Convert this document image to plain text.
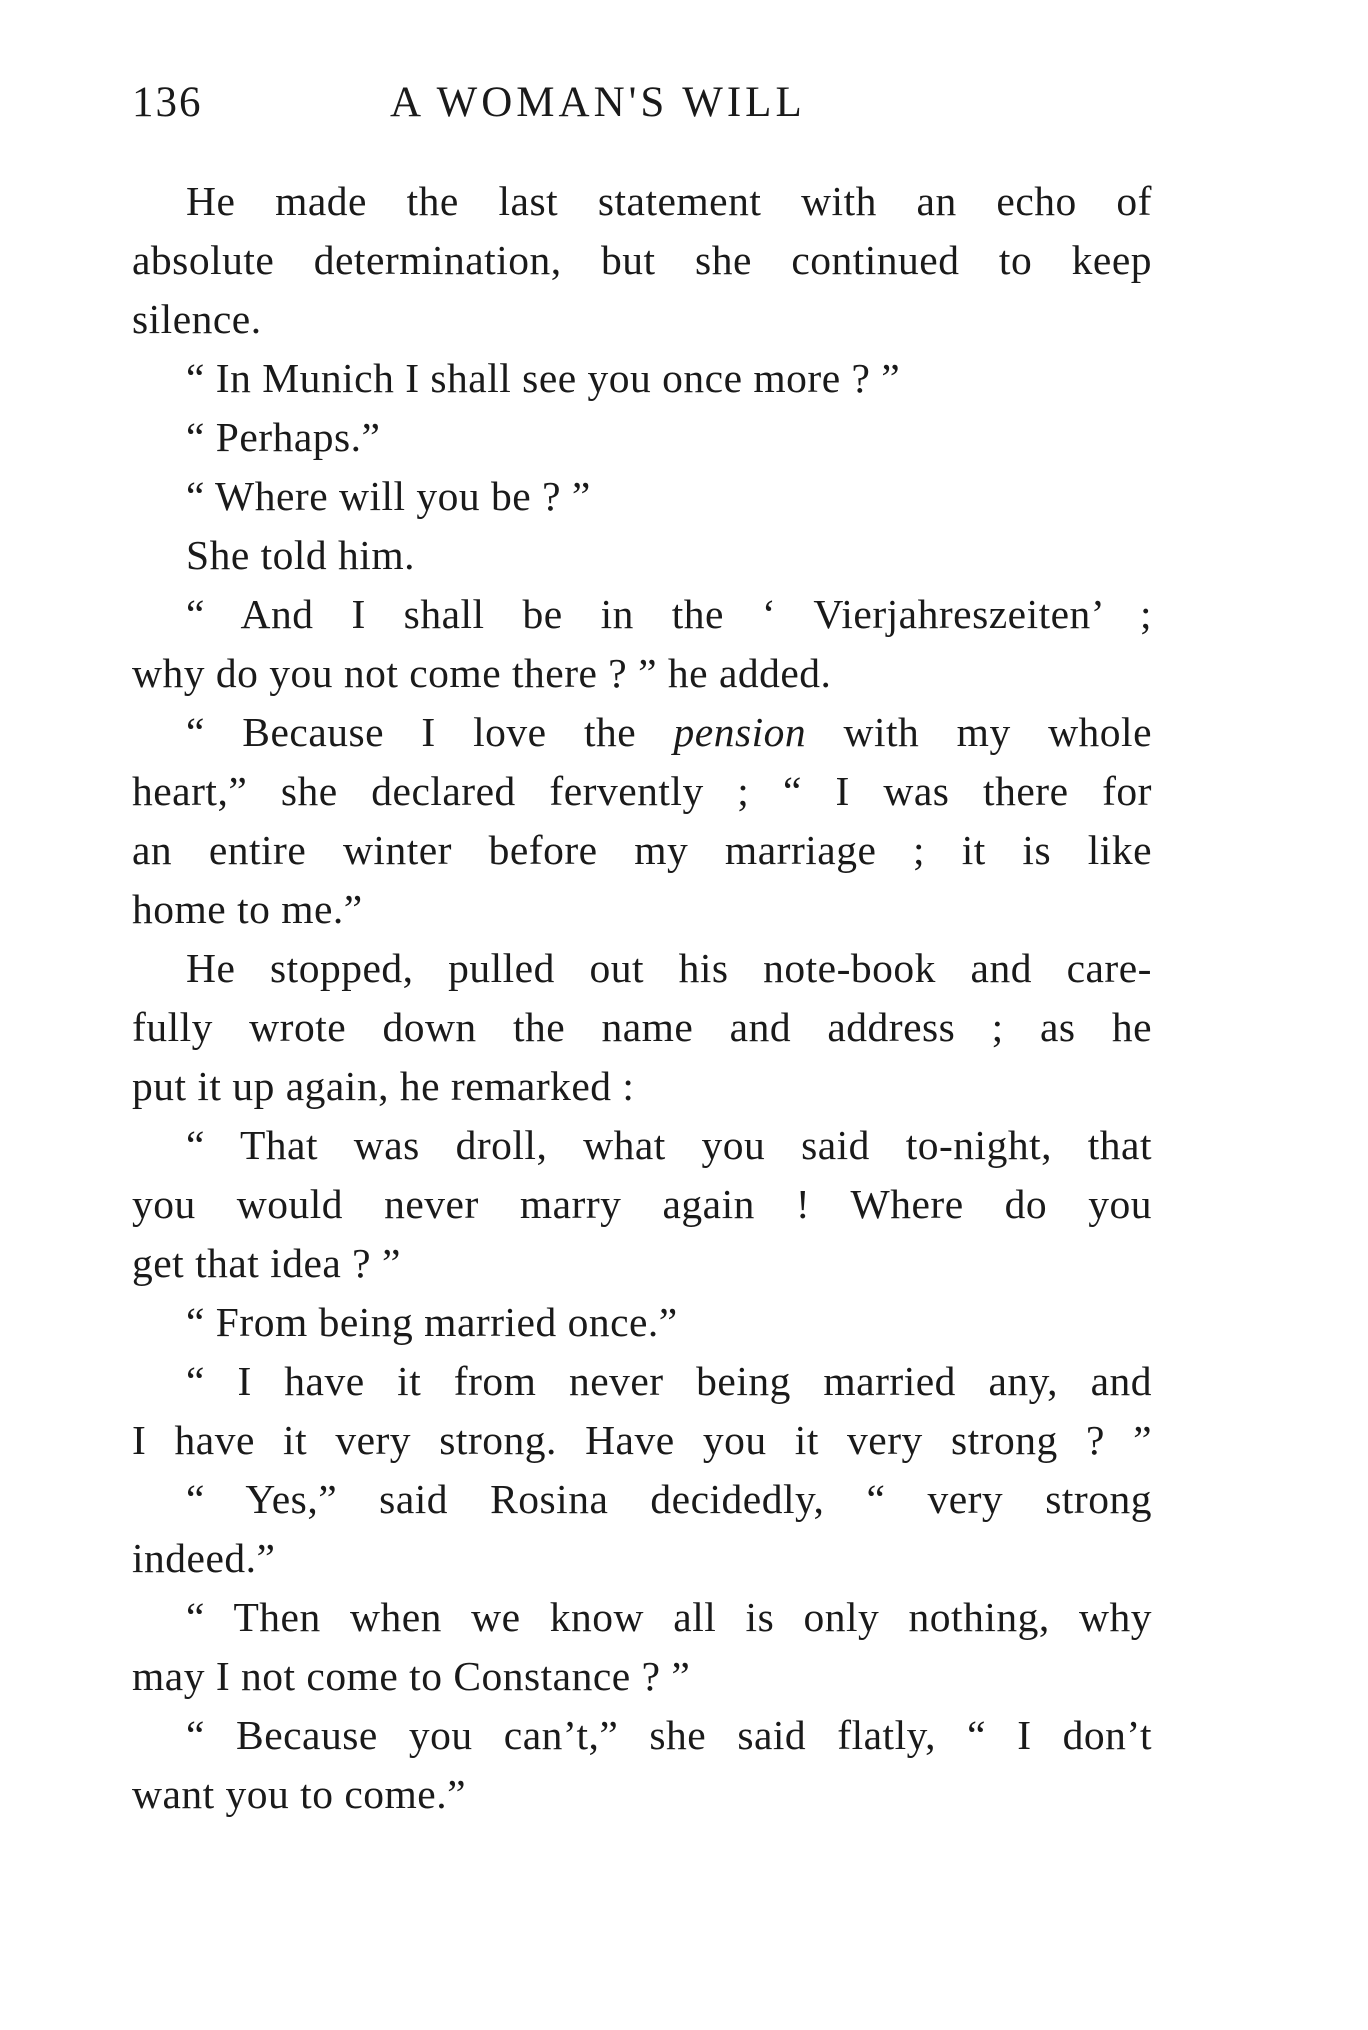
136	A WOMAN'S WILL
He made the last statement with an echo of
absolute determination, but she continued to keep
silence.
“ In Munich I shall see you once more ? ”
“ Perhaps.”
“ Where will you be ? ”
She told him.
“ And I shall be in the ‘ Vierjahreszeiten’ ;
why do you not come there ? ” he added.
“ Because I love the pension with my whole
heart,” she declared fervently ; “ I was there for
an entire winter before my marriage ; it is like
home to me.”
He stopped, pulled out his note-book and care-
fully wrote down the name and address ; as he
put it up again, he remarked :
“ That was droll, what you said to-night, that
you would never marry again ! Where do you
get that idea ? ”
“ From being married once.”
“ I have it from never being married any, and
I have it very strong. Have you it very strong ? ”
“ Yes,” said Rosina decidedly, “ very strong
indeed.”
“ Then when we know all is only nothing, why
may I not come to Constance ? ”
“ Because you can’t,” she said flatly, “ I don’t
want you to come.”
